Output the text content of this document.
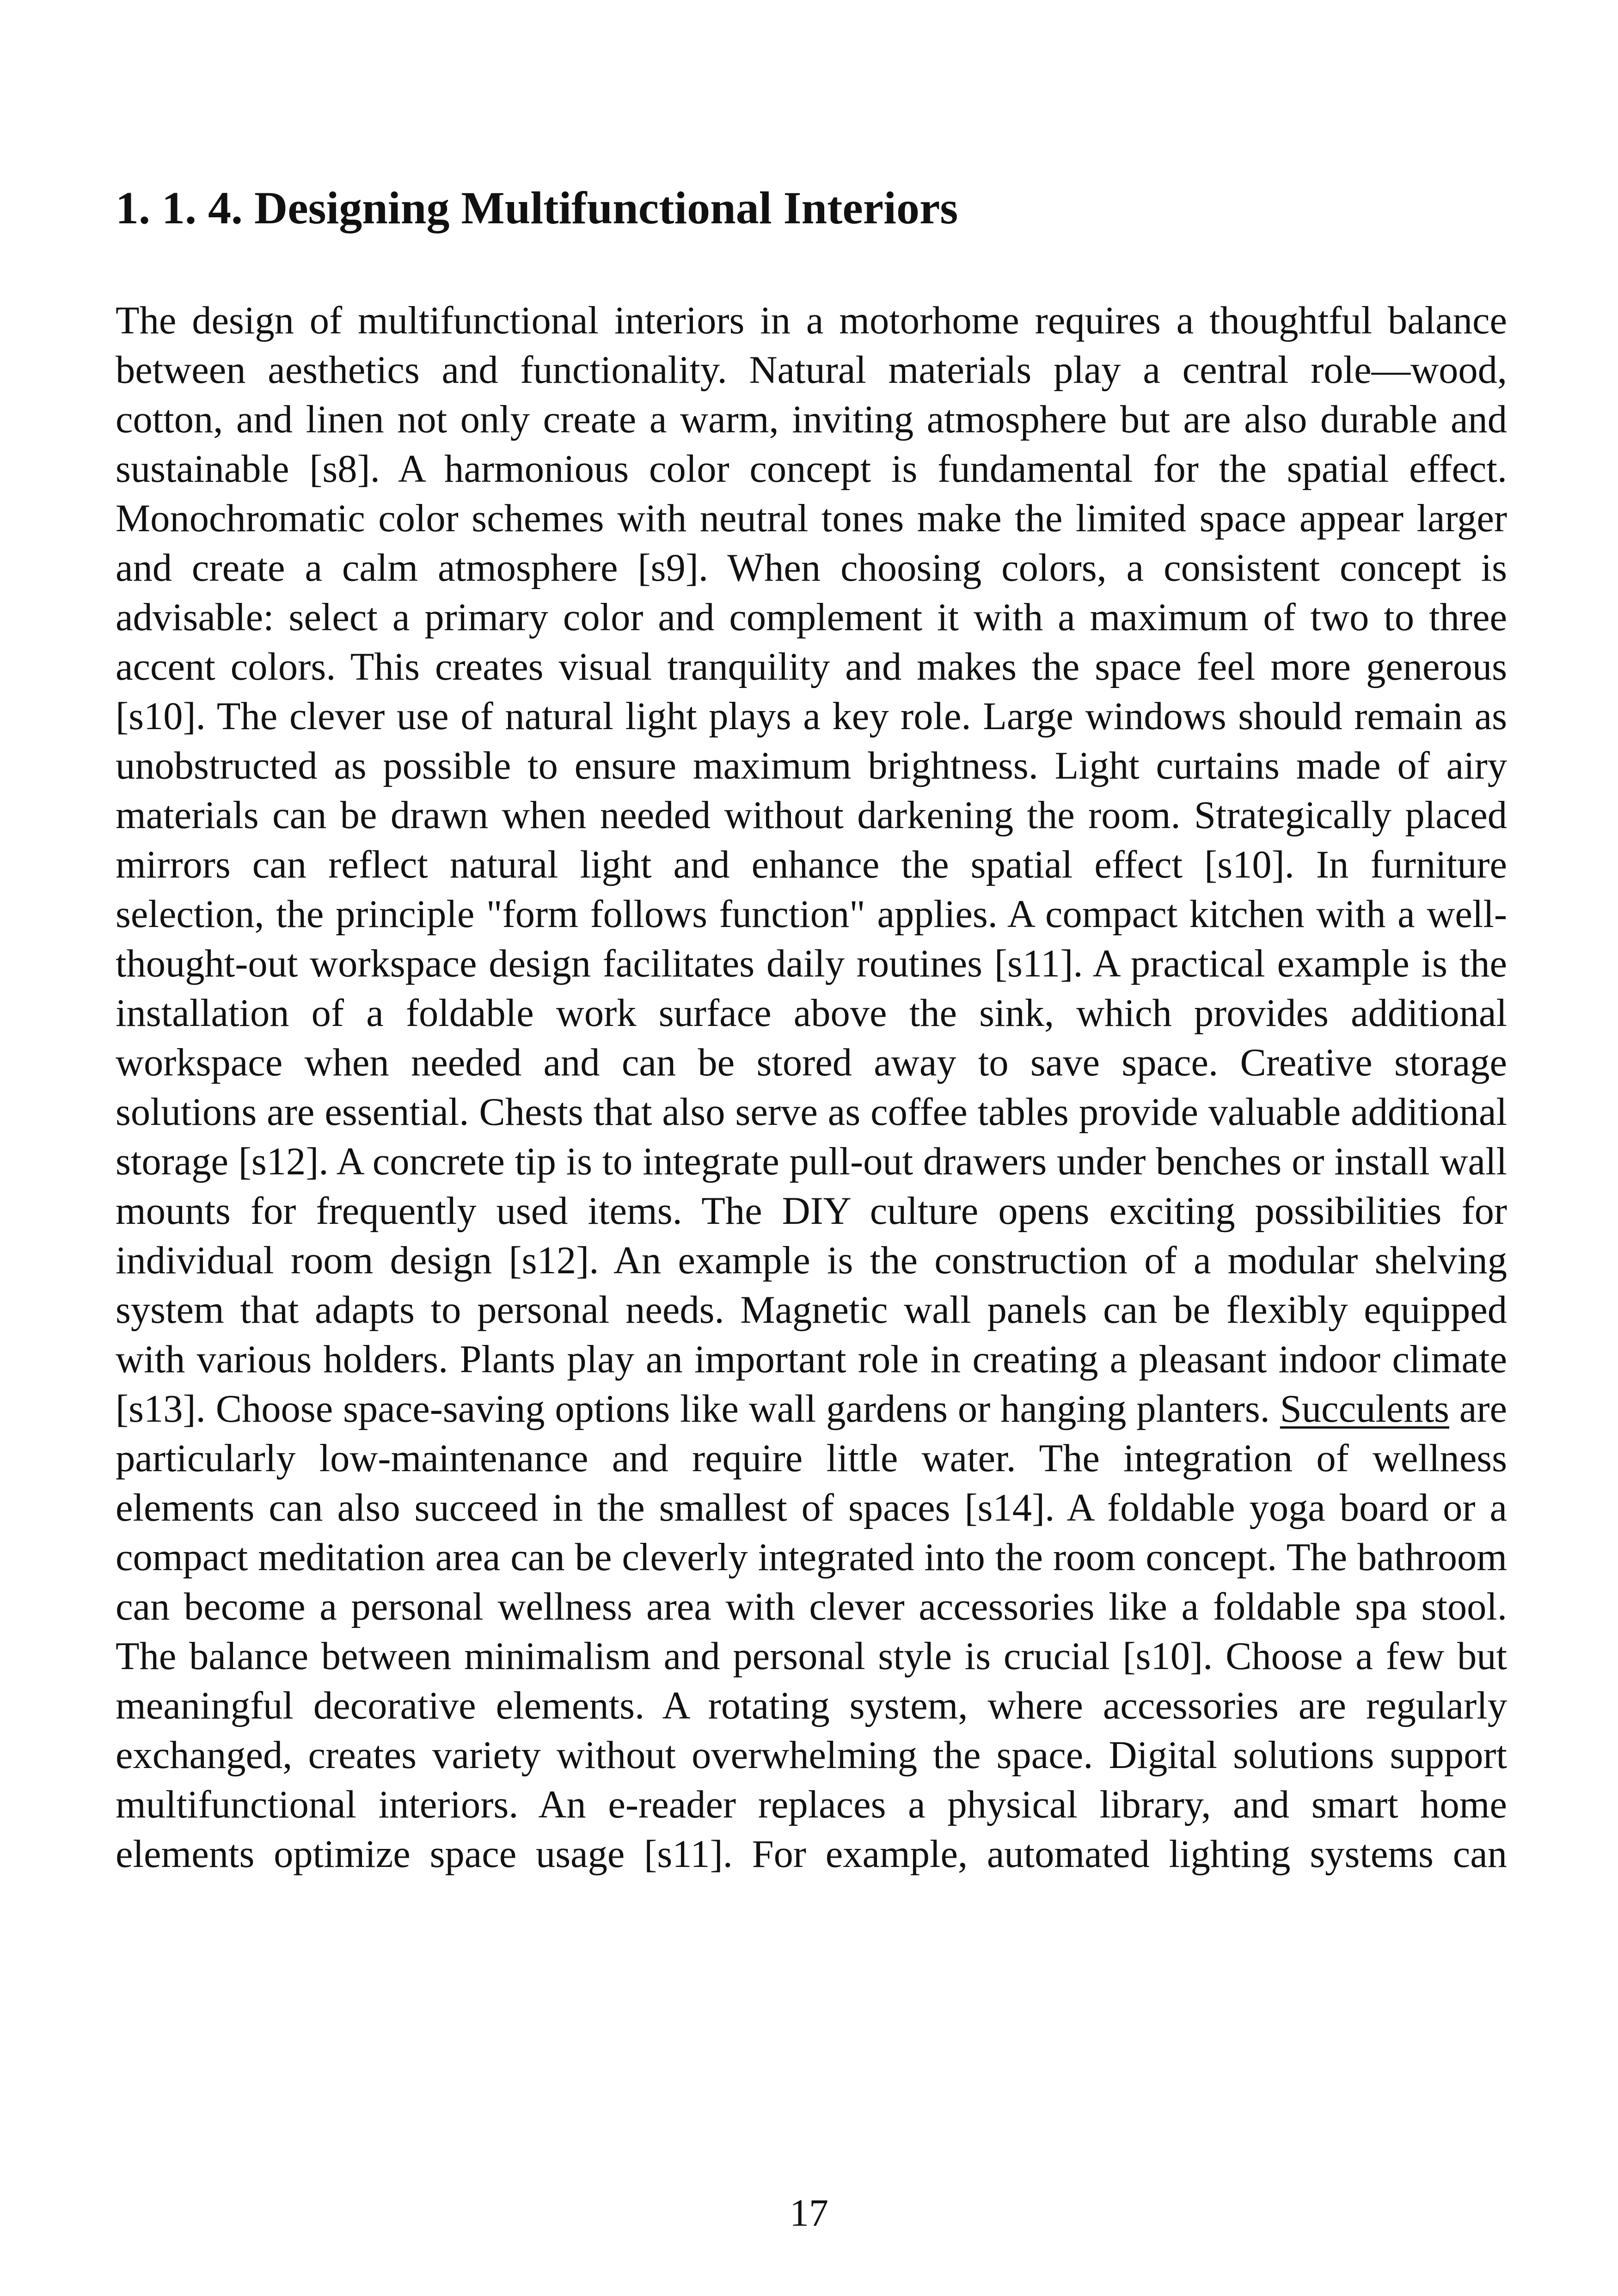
1. 1. 4. Designing Multifunctional Interiors

The design of multifunctional interiors in a motorhome requires a thoughtful balance between aesthetics and functionality. Natural materials play a central role—wood, cotton, and linen not only create a warm, inviting atmosphere but are also durable and sustainable [s8]. A harmonious color concept is fundamental for the spatial effect. Monochromatic color schemes with neutral tones make the limited space appear larger and create a calm atmosphere [s9]. When choosing colors, a consistent concept is advisable: select a primary color and complement it with a maximum of two to three accent colors. This creates visual tranquility and makes the space feel more generous [s10]. The clever use of natural light plays a key role. Large windows should remain as unobstructed as possible to ensure maximum brightness. Light curtains made of airy materials can be drawn when needed without darkening the room. Strategically placed mirrors can reflect natural light and enhance the spatial effect [s10]. In furniture selection, the principle "form follows function" applies. A compact kitchen with a well-thought-out workspace design facilitates daily routines [s11]. A practical example is the installation of a foldable work surface above the sink, which provides additional workspace when needed and can be stored away to save space. Creative storage solutions are essential. Chests that also serve as coffee tables provide valuable additional storage [s12]. A concrete tip is to integrate pull-out drawers under benches or install wall mounts for frequently used items. The DIY culture opens exciting possibilities for individual room design [s12]. An example is the construction of a modular shelving system that adapts to personal needs. Magnetic wall panels can be flexibly equipped with various holders. Plants play an important role in creating a pleasant indoor climate [s13]. Choose space-saving options like wall gardens or hanging planters. Succulents are particularly low-maintenance and require little water. The integration of wellness elements can also succeed in the smallest of spaces [s14]. A foldable yoga board or a compact meditation area can be cleverly integrated into the room concept. The bathroom can become a personal wellness area with clever accessories like a foldable spa stool. The balance between minimalism and personal style is crucial [s10]. Choose a few but meaningful decorative elements. A rotating system, where accessories are regularly exchanged, creates variety without overwhelming the space. Digital solutions support multifunctional interiors. An e-reader replaces a physical library, and smart home elements optimize space usage [s11]. For example, automated lighting systems can

17
